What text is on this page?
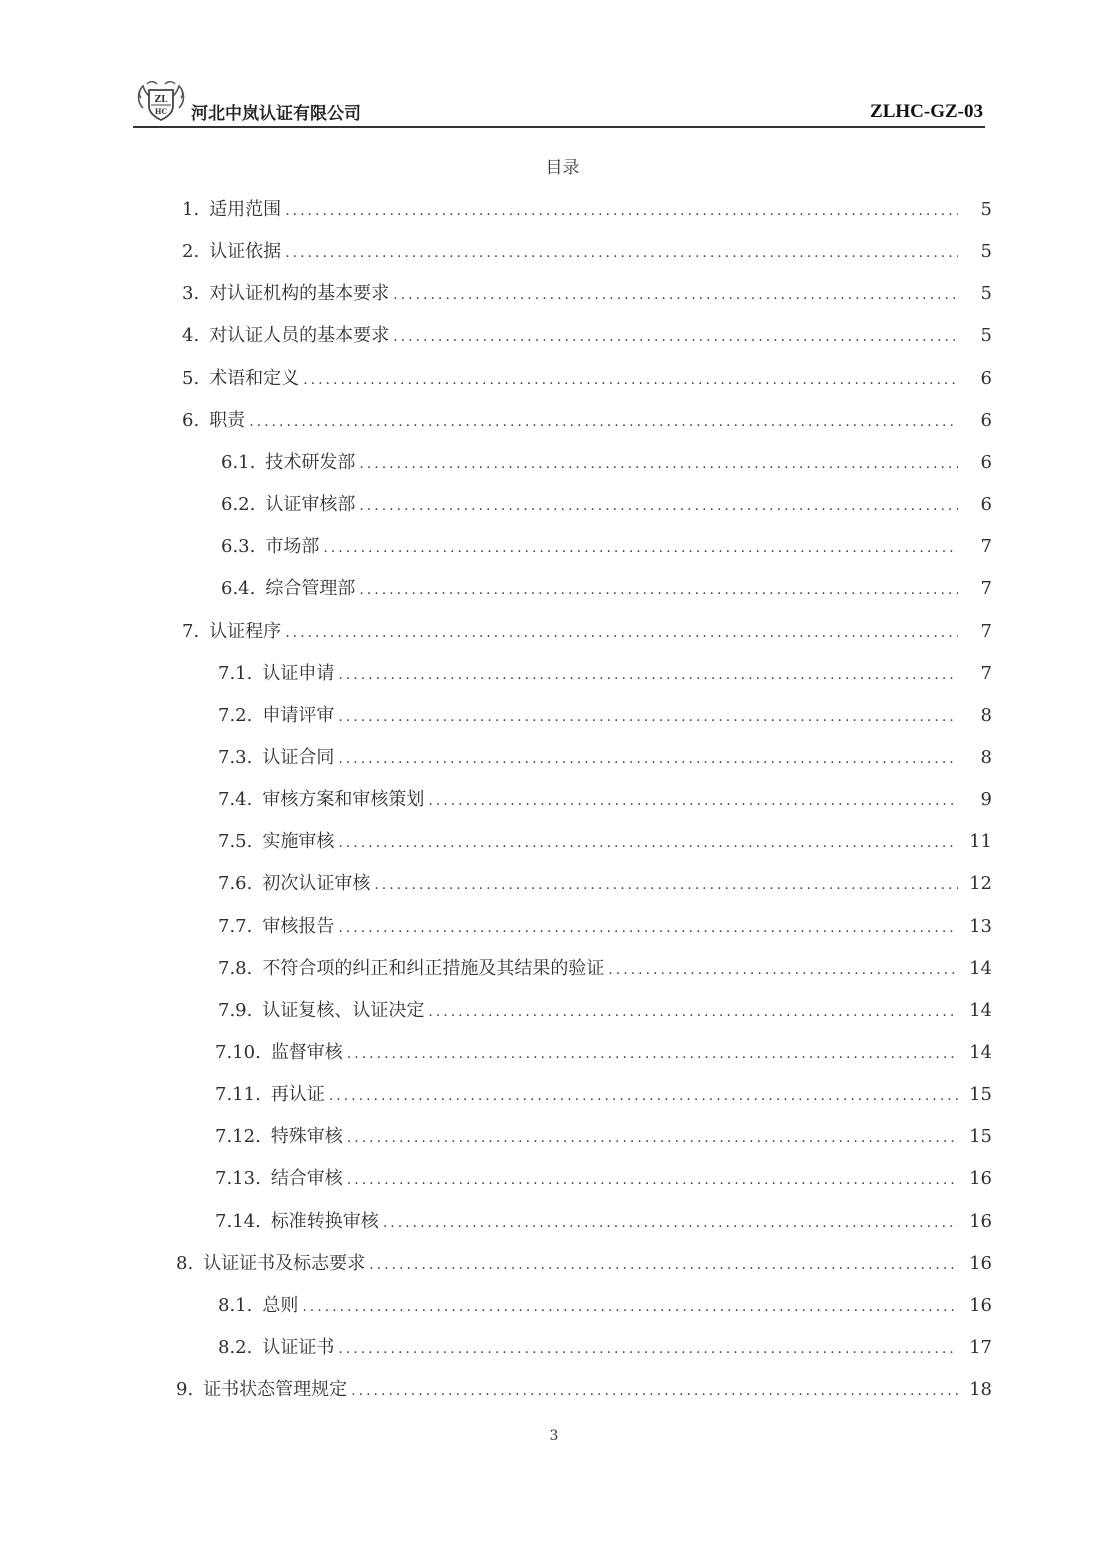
ZL
HC 河北中岚认证有限公司	ZLHC-GZ-03
目录
1. 适用范围 .....	5
2. 认证依据 .....	5
3. 对认证机构的基本要求 .....	5
4. 对认证人员的基本要求 .....	5
5. 术语和定义 .....	6
6. 职责 .....	6
6.1. 技术研发部 .....	6
6.2. 认证审核部 .....	6
6.3. 市场部 .....	7
6.4. 综合管理部 .....	7
7. 认证程序 .....	7
7.1. 认证申请 .....	7
7.2. 申请评审 .....	8
7.3. 认证合同 .....	8
7.4. 审核方案和审核策划 .....	9
7.5. 实施审核 .....	11
7.6. 初次认证审核 .....	12
7.7. 审核报告 .....	13
7.8. 不符合项的纠正和纠正措施及其结果的验证 .....	14
7.9. 认证复核、认证决定 .....	14
7.10. 监督审核 .....	14
7.11. 再认证 .....	15
7.12. 特殊审核 .....	15
7.13. 结合审核 .....	16
7.14. 标准转换审核 .....	16
8. 认证证书及标志要求 .....	16
8.1. 总则 .....	16
8.2. 认证证书 .....	17
9. 证书状态管理规定 .....	18
3
